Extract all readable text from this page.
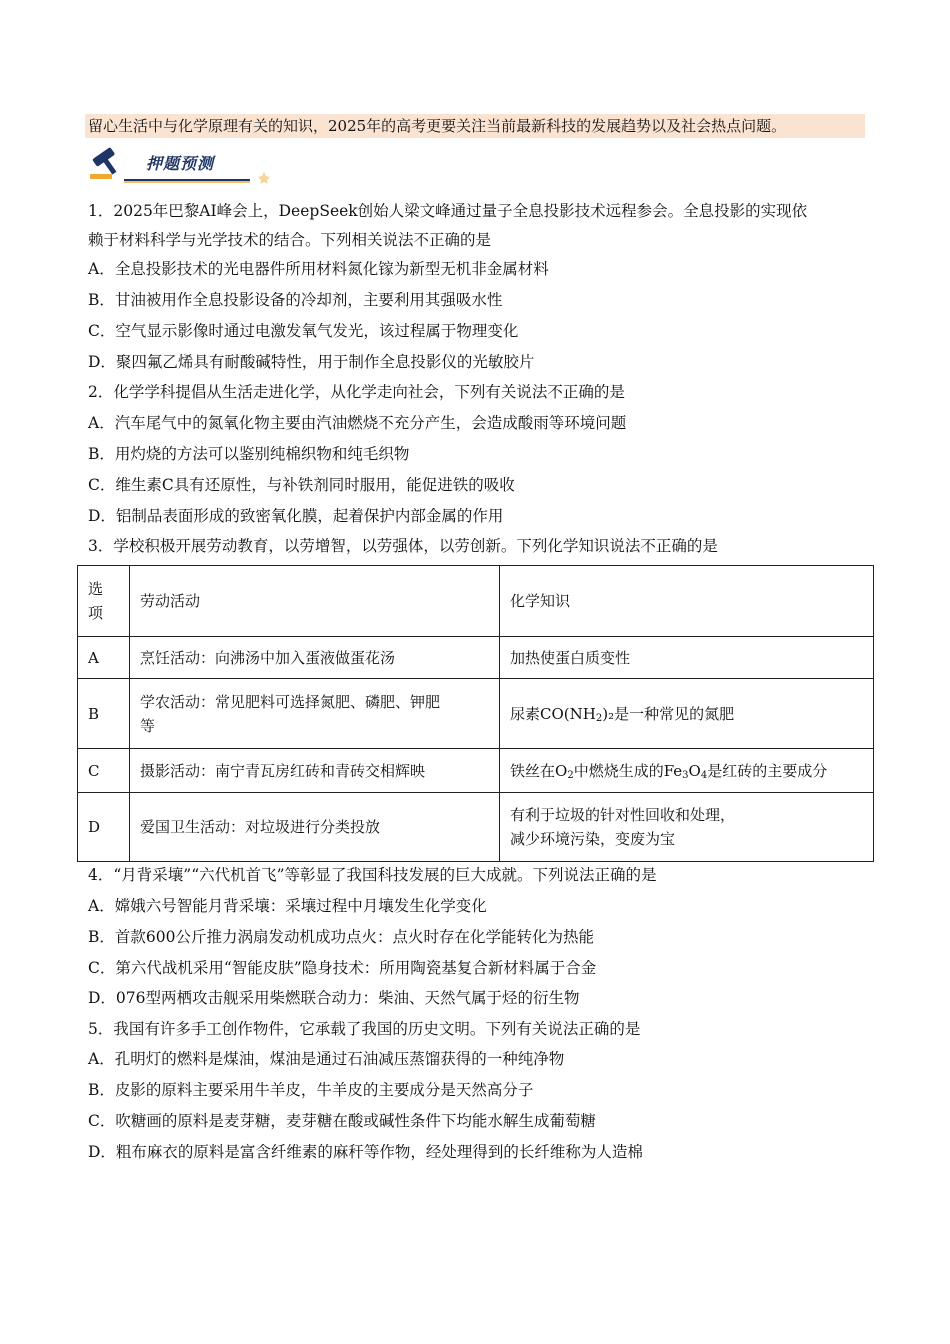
留心生活中与化学原理有关的知识，2025年的高考更要关注当前最新科技的发展趋势以及社会热点问题。
押题预测
1．2025年巴黎AI峰会上，DeepSeek创始人梁文峰通过量子全息投影技术远程参会。全息投影的实现依
赖于材料科学与光学技术的结合。下列相关说法不正确的是
A．全息投影技术的光电器件所用材料氮化镓为新型无机非金属材料
B．甘油被用作全息投影设备的冷却剂，主要利用其强吸水性
C．空气显示影像时通过电激发氧气发光，该过程属于物理变化
D．聚四氟乙烯具有耐酸碱特性，用于制作全息投影仪的光敏胶片
2．化学学科提倡从生活走进化学，从化学走向社会，下列有关说法不正确的是
A．汽车尾气中的氮氧化物主要由汽油燃烧不充分产生，会造成酸雨等环境问题
B．用灼烧的方法可以鉴别纯棉织物和纯毛织物
C．维生素C具有还原性，与补铁剂同时服用，能促进铁的吸收
D．铝制品表面形成的致密氧化膜，起着保护内部金属的作用
3．学校积极开展劳动教育，以劳增智，以劳强体，以劳创新。下列化学知识说法不正确的是
选
项	劳动活动	化学知识
A	烹饪活动：向沸汤中加入蛋液做蛋花汤	加热使蛋白质变性
B	学农活动：常见肥料可选择氮肥、磷肥、钾肥
等	尿素$CO(NH_2)_2$是一种常见的氮肥
C	摄影活动：南宁青瓦房红砖和青砖交相辉映	铁丝在$O_2$中燃烧生成的$Fe_3O_4$是红砖的主要成分
D	爱国卫生活动：对垃圾进行分类投放	有利于垃圾的针对性回收和处理，
减少环境污染，变废为宝
4．“月背采壤”“六代机首飞”等彰显了我国科技发展的巨大成就。下列说法正确的是
A．嫦娥六号智能月背采壤：采壤过程中月壤发生化学变化
B．首款600公斤推力涡扇发动机成功点火：点火时存在化学能转化为热能
C．第六代战机采用“智能皮肤”隐身技术：所用陶瓷基复合新材料属于合金
D．076型两栖攻击舰采用柴燃联合动力：柴油、天然气属于烃的衍生物
5．我国有许多手工创作物件，它承载了我国的历史文明。下列有关说法正确的是
A．孔明灯的燃料是煤油，煤油是通过石油减压蒸馏获得的一种纯净物
B．皮影的原料主要采用牛羊皮，牛羊皮的主要成分是天然高分子
C．吹糖画的原料是麦芽糖，麦芽糖在酸或碱性条件下均能水解生成葡萄糖
D．粗布麻衣的原料是富含纤维素的麻秆等作物，经处理得到的长纤维称为人造棉
